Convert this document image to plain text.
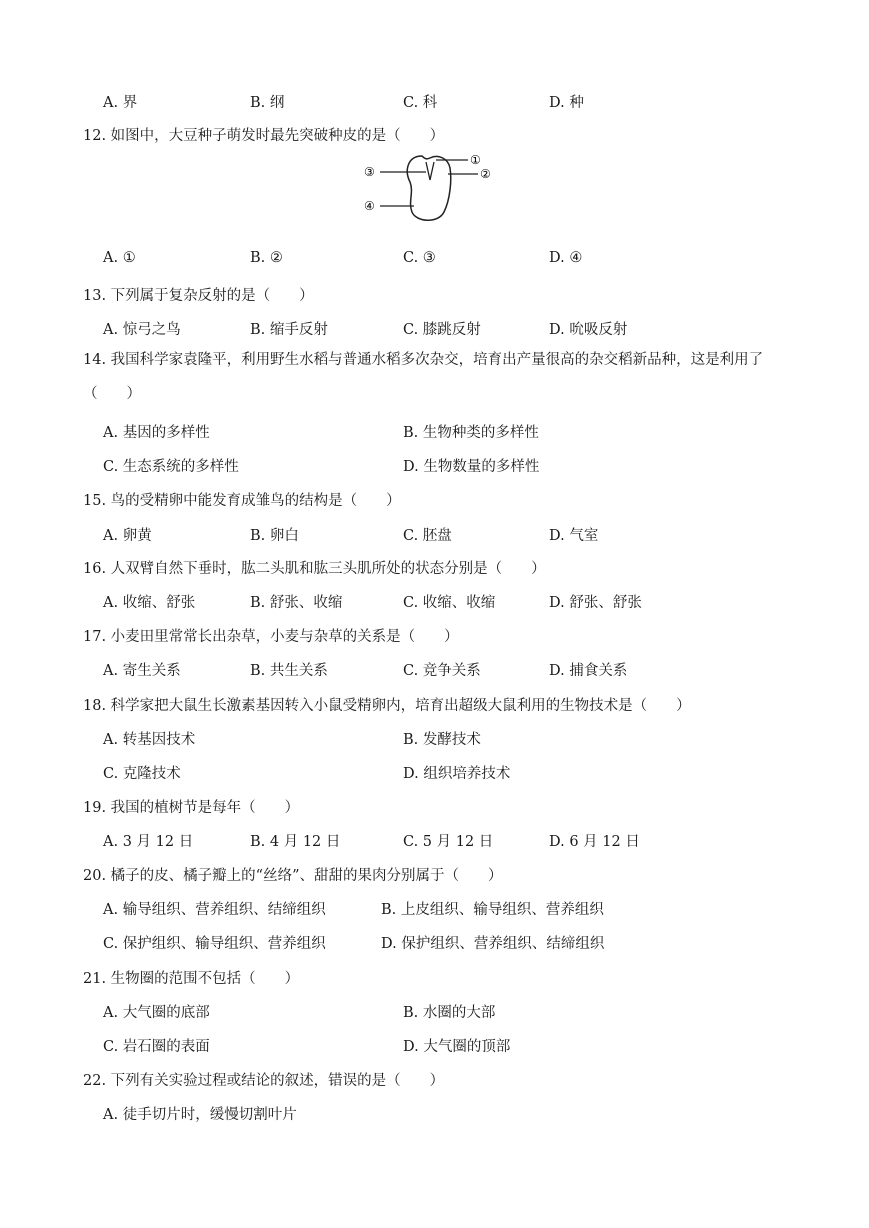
A. 界	B. 纲	C. 科	D. 种
12. 如图中，大豆种子萌发时最先突破种皮的是（　　）
①
②
③
④
A. ①	B. ②	C. ③	D. ④
13. 下列属于复杂反射的是（　　）
A. 惊弓之鸟	B. 缩手反射	C. 膝跳反射	D. 吮吸反射
14. 我国科学家袁隆平，利用野生水稻与普通水稻多次杂交，培育出产量很高的杂交稻新品种，这是利用了（　　）
A. 基因的多样性	B. 生物种类的多样性
C. 生态系统的多样性	D. 生物数量的多样性
15. 鸟的受精卵中能发育成雏鸟的结构是（　　）
A. 卵黄	B. 卵白	C. 胚盘	D. 气室
16. 人双臂自然下垂时，肱二头肌和肱三头肌所处的状态分别是（　　）
A. 收缩、舒张	B. 舒张、收缩	C. 收缩、收缩	D. 舒张、舒张
17. 小麦田里常常长出杂草，小麦与杂草的关系是（　　）
A. 寄生关系	B. 共生关系	C. 竞争关系	D. 捕食关系
18. 科学家把大鼠生长激素基因转入小鼠受精卵内，培育出超级大鼠利用的生物技术是（　　）
A. 转基因技术	B. 发酵技术
C. 克隆技术	D. 组织培养技术
19. 我国的植树节是每年（　　）
A. 3 月 12 日	B. 4 月 12 日	C. 5 月 12 日	D. 6 月 12 日
20. 橘子的皮、橘子瓣上的“丝络”、甜甜的果肉分别属于（　　）
A. 输导组织、营养组织、结缔组织	B. 上皮组织、输导组织、营养组织
C. 保护组织、输导组织、营养组织	D. 保护组织、营养组织、结缔组织
21. 生物圈的范围不包括（　　）
A. 大气圈的底部	B. 水圈的大部
C. 岩石圈的表面	D. 大气圈的顶部
22. 下列有关实验过程或结论的叙述，错误的是（　　）
A. 徒手切片时，缓慢切割叶片
